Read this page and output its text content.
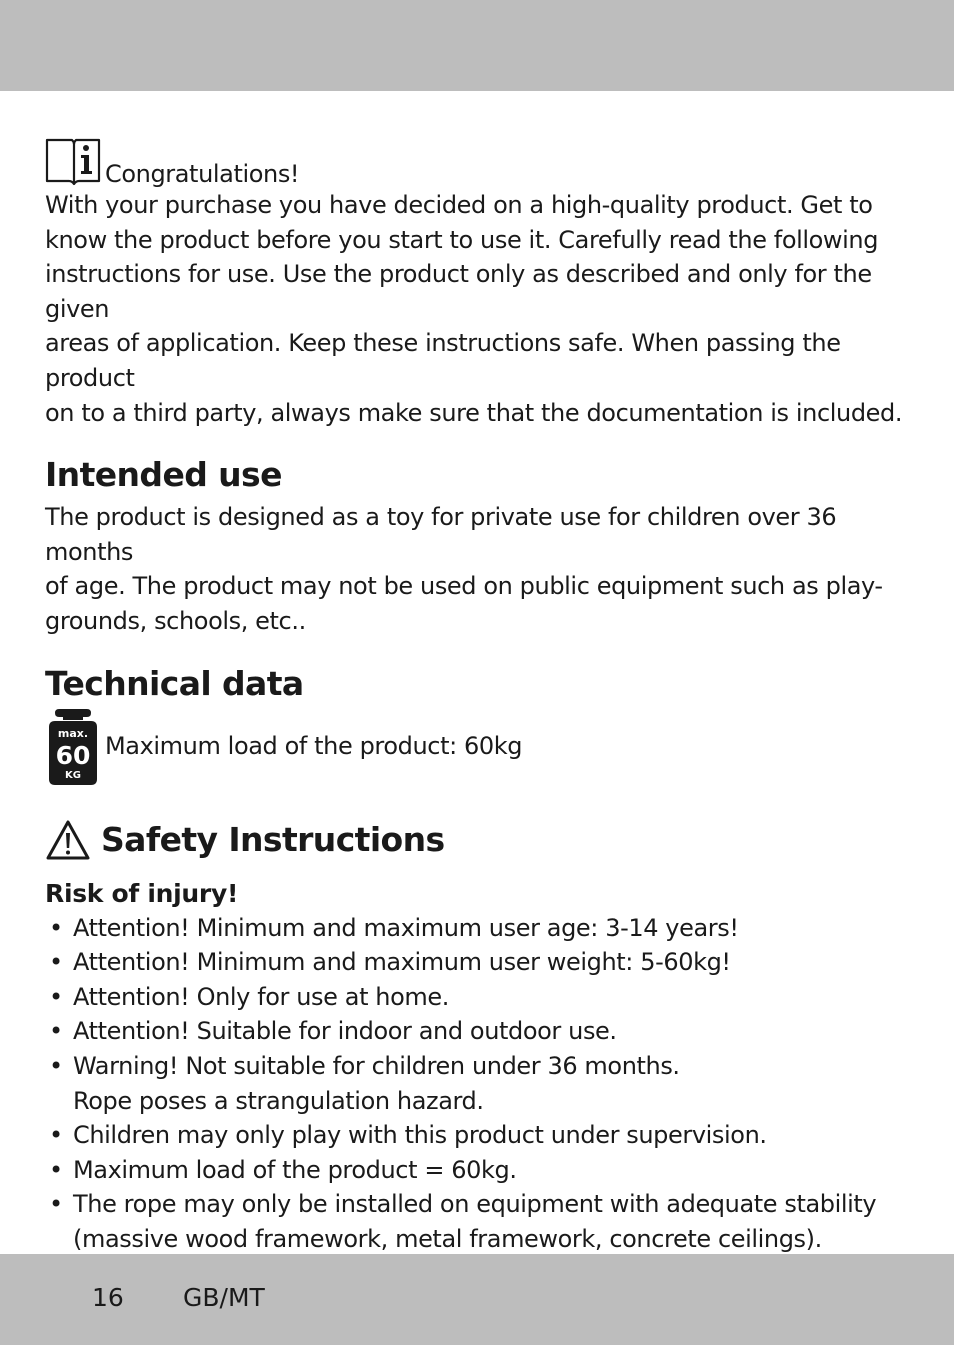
Congratulations!

With your purchase you have decided on a high-quality product. Get to
know the product before you start to use it. Carefully read the following
instructions for use. Use the product only as described and only for the given
areas of application. Keep these instructions safe. When passing the product
on to a third party, always make sure that the documentation is included.

Intended use

The product is designed as a toy for private use for children over 36 months
of age. The product may not be used on public equipment such as play-
grounds, schools, etc..

Technical data
max.
60
KG
Maximum load of the product: 60kg
Safety Instructions

Risk of injury!

• Attention! Minimum and maximum user age: 3-14 years!
• Attention! Minimum and maximum user weight: 5-60kg!
• Attention! Only for use at home.
• Attention! Suitable for indoor and outdoor use.
• Warning! Not suitable for children under 36 months.
Rope poses a strangulation hazard.
• Children may only play with this product under supervision.
• Maximum load of the product = 60kg.
• The rope may only be installed on equipment with adequate stability
(massive wood framework, metal framework, concrete ceilings).
16 GB/MT
